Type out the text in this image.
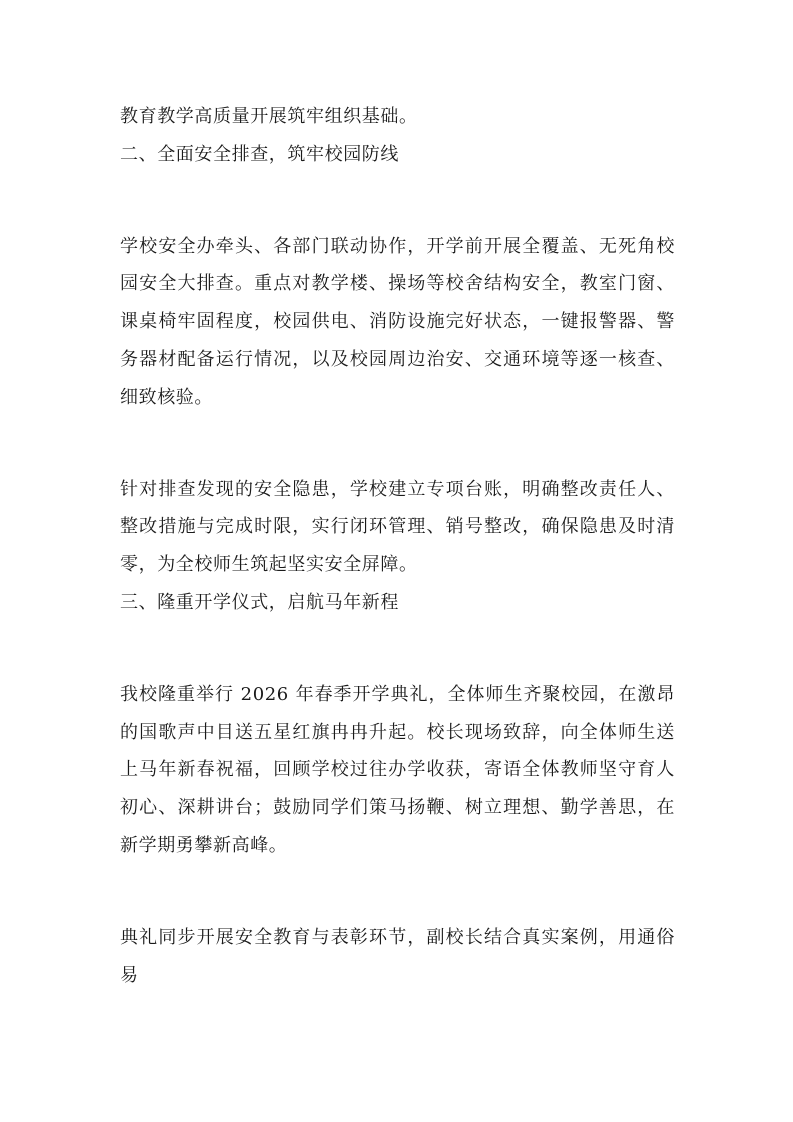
教育教学高质量开展筑牢组织基础。

二、全面安全排查，筑牢校园防线

学校安全办牵头、各部门联动协作，开学前开展全覆盖、无死角校园安全大排查。重点对教学楼、操场等校舍结构安全，教室门窗、课桌椅牢固程度，校园供电、消防设施完好状态，一键报警器、警务器材配备运行情况，以及校园周边治安、交通环境等逐一核查、细致核验。

针对排查发现的安全隐患，学校建立专项台账，明确整改责任人、整改措施与完成时限，实行闭环管理、销号整改，确保隐患及时清零，为全校师生筑起坚实安全屏障。

三、隆重开学仪式，启航马年新程

我校隆重举行 2026 年春季开学典礼，全体师生齐聚校园，在激昂的国歌声中目送五星红旗冉冉升起。校长现场致辞，向全体师生送上马年新春祝福，回顾学校过往办学收获，寄语全体教师坚守育人初心、深耕讲台；鼓励同学们策马扬鞭、树立理想、勤学善思，在新学期勇攀新高峰。

典礼同步开展安全教育与表彰环节，副校长结合真实案例，用通俗易
